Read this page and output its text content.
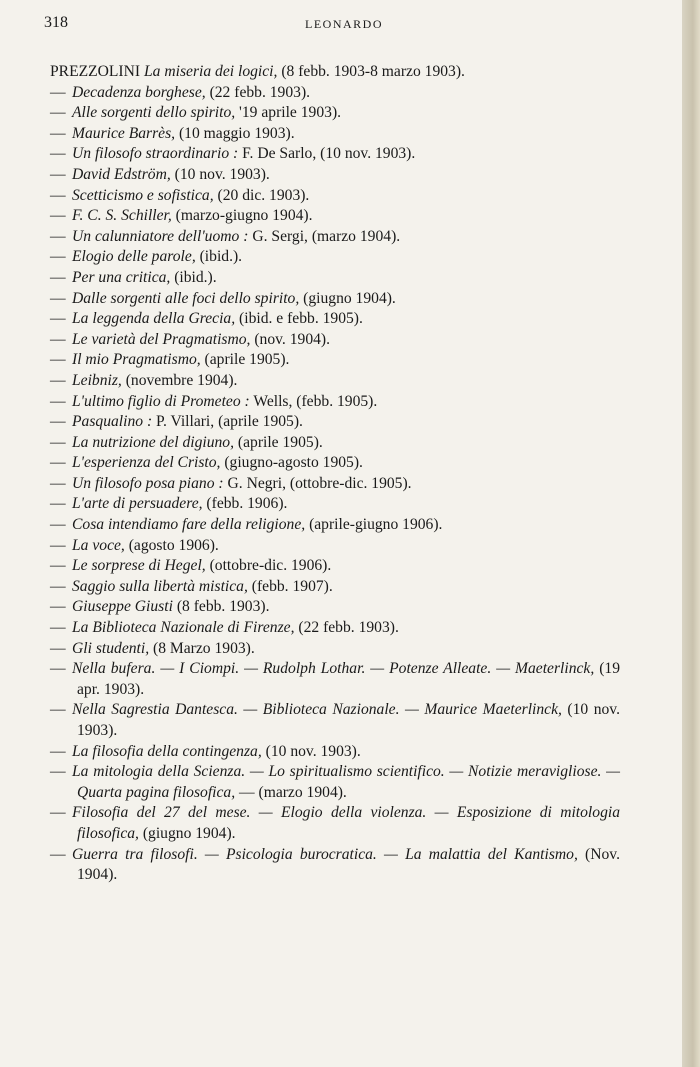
318	LEONARDO
PREZZOLINI La miseria dei logici, (8 febb. 1903-8 marzo 1903).
— Decadenza borghese, (22 febb. 1903).
— Alle sorgenti dello spirito, '19 aprile 1903).
— Maurice Barrès, (10 maggio 1903).
— Un filosofo straordinario : F. De Sarlo, (10 nov. 1903).
— David Edström, (10 nov. 1903).
— Scetticismo e sofistica, (20 dic. 1903).
— F. C. S. Schiller, (marzo-giugno 1904).
— Un calunniatore dell'uomo : G. Sergi, (marzo 1904).
— Elogio delle parole, (ibid.).
— Per una critica, (ibid.).
— Dalle sorgenti alle foci dello spirito, (giugno 1904).
— La leggenda della Grecia, (ibid. e febb. 1905).
— Le varietà del Pragmatismo, (nov. 1904).
— Il mio Pragmatismo, (aprile 1905).
— Leibniz, (novembre 1904).
— L'ultimo figlio di Prometeo : Wells, (febb. 1905).
— Pasqualino : P. Villari, (aprile 1905).
— La nutrizione del digiuno, (aprile 1905).
— L'esperienza del Cristo, (giugno-agosto 1905).
— Un filosofo posa piano : G. Negri, (ottobre-dic. 1905).
— L'arte di persuadere, (febb. 1906).
— Cosa intendiamo fare della religione, (aprile-giugno 1906).
— La voce, (agosto 1906).
— Le sorprese di Hegel, (ottobre-dic. 1906).
— Saggio sulla libertà mistica, (febb. 1907).
— Giuseppe Giusti (8 febb. 1903).
— La Biblioteca Nazionale di Firenze, (22 febb. 1903).
— Gli studenti, (8 Marzo 1903).
— Nella bufera. — I Ciompi. — Rudolph Lothar. — Potenze Alleate. — Maeterlinck, (19 apr. 1903).
— Nella Sagrestia Dantesca. — Biblioteca Nazionale. — Maurice Maeterlinck, (10 nov. 1903).
— La filosofia della contingenza, (10 nov. 1903).
— La mitologia della Scienza. — Lo spiritualismo scientifico. — Notizie meravigliose. — Quarta pagina filosofica, — (marzo 1904).
— Filosofia del 27 del mese. — Elogio della violenza. — Esposizione di mitologia filosofica, (giugno 1904).
— Guerra tra filosofi. — Psicologia burocratica. — La malattia del Kantismo, (Nov. 1904).
